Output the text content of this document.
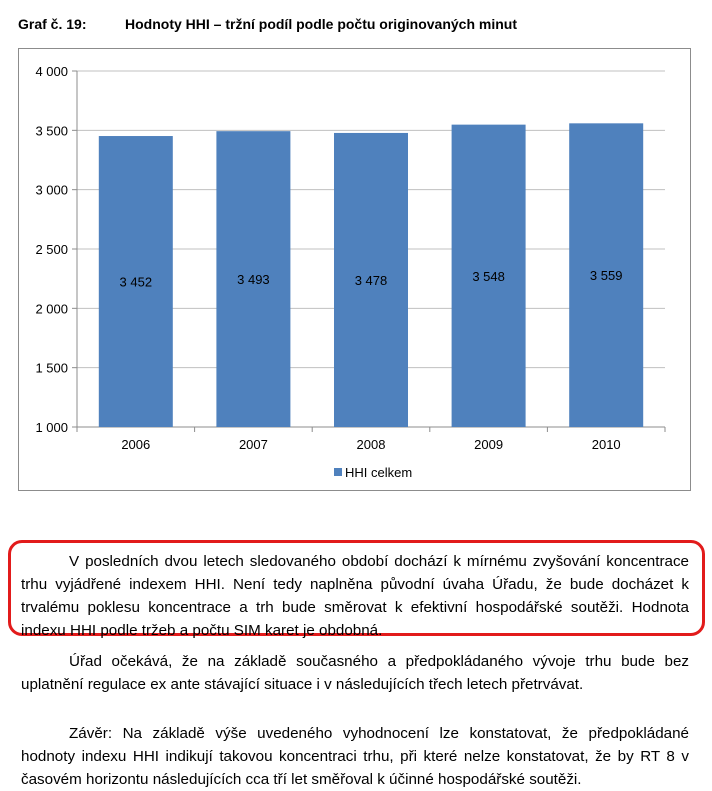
Graf č. 19:	Hodnoty HHI – tržní podíl podle počtu originovaných minut
1 000
1 500
2 000
2 500
3 000
3 500
4 000
3 452
2006
3 493
2007
3 478
2008
3 548
2009
3 559
2010
HHI celkem

V posledních dvou letech sledovaného období dochází k mírnému zvyšování koncentrace trhu vyjádřené indexem HHI. Není tedy naplněna původní úvaha Úřadu, že bude docházet k trvalému poklesu koncentrace a trh bude směrovat k efektivní hospodářské soutěži. Hodnota indexu HHI podle tržeb a počtu SIM karet je obdobná.

Úřad očekává, že na základě současného a předpokládaného vývoje trhu bude bez uplatnění regulace ex ante stávající situace i v následujících třech letech přetrvávat.

Závěr: Na základě výše uvedeného vyhodnocení lze konstatovat, že předpokládané hodnoty indexu HHI indikují takovou koncentraci trhu, při které nelze konstatovat, že by RT 8 v časovém horizontu následujících cca tří let směřoval k účinné hospodářské soutěži.
